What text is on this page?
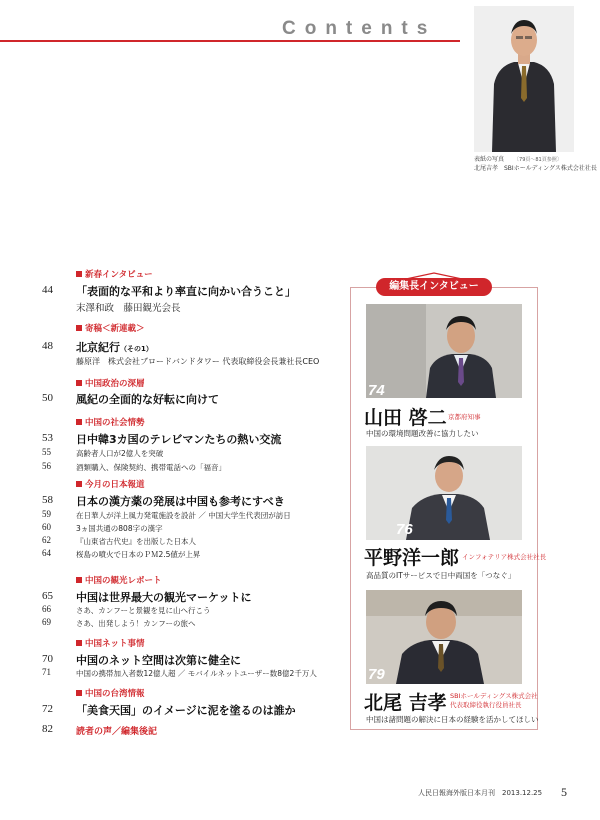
Contents
表紙の写真 〔79頁～81頁参照〕
北尾吉孝　SBIホールディングス株式会社社長
新春インタビュー
44 「表面的な平和より率直に向かい合うこと」
末澤和政　藤田観光会長
寄稿＜新連載＞
48 北京紀行（その1）
藤原洋　株式会社ブロードバンドタワー 代表取締役会長兼社長CEO
中国政治の深層
50 風紀の全面的な好転に向けて
中国の社会情勢
53 日中韓3カ国のテレビマンたちの熱い交流
55	高齢者人口が2億人を突破
56	酒類購入、保険契約、携帯電話への「福音」
今月の日本報道
58 日本の漢方薬の発展は中国も参考にすべき
59	在日華人が洋上風力発電施設を設計 ／ 中国大学生代表団が訪日
60	3ヵ国共通の808字の漢字
62	『山東省古代史』を出版した日本人
64	桜島の噴火で日本のＰＭ2.5値が上昇
中国の観光レポート
65 中国は世界最大の観光マーケットに
66	さあ、カンフーと景観を見に山へ行こう
69	さあ、出発しよう！カンフーの旅へ
中国ネット事情
70 中国のネット空間は次第に健全に
71	中国の携帯加入者数12億人超 ／ モバイルネットユーザー数8億2千万人
中国の台湾情報
72 「美食天国」のイメージに泥を塗るのは誰か
82	読者の声／編集後記
編集長インタビュー
74
山田 啓二 京都府知事
中国の環境問題改善に協力したい
76
平野洋一郎 インフォテリア株式会社社長
高品質のITサービスで日中両国を「つなぐ」
79
北尾 吉孝 SBIホールディングス株式会社
代表取締役執行役員社長
中国は諸問題の解決に日本の経験を活かしてほしい
人民日報海外版日本月刊　2013.12.25 5
